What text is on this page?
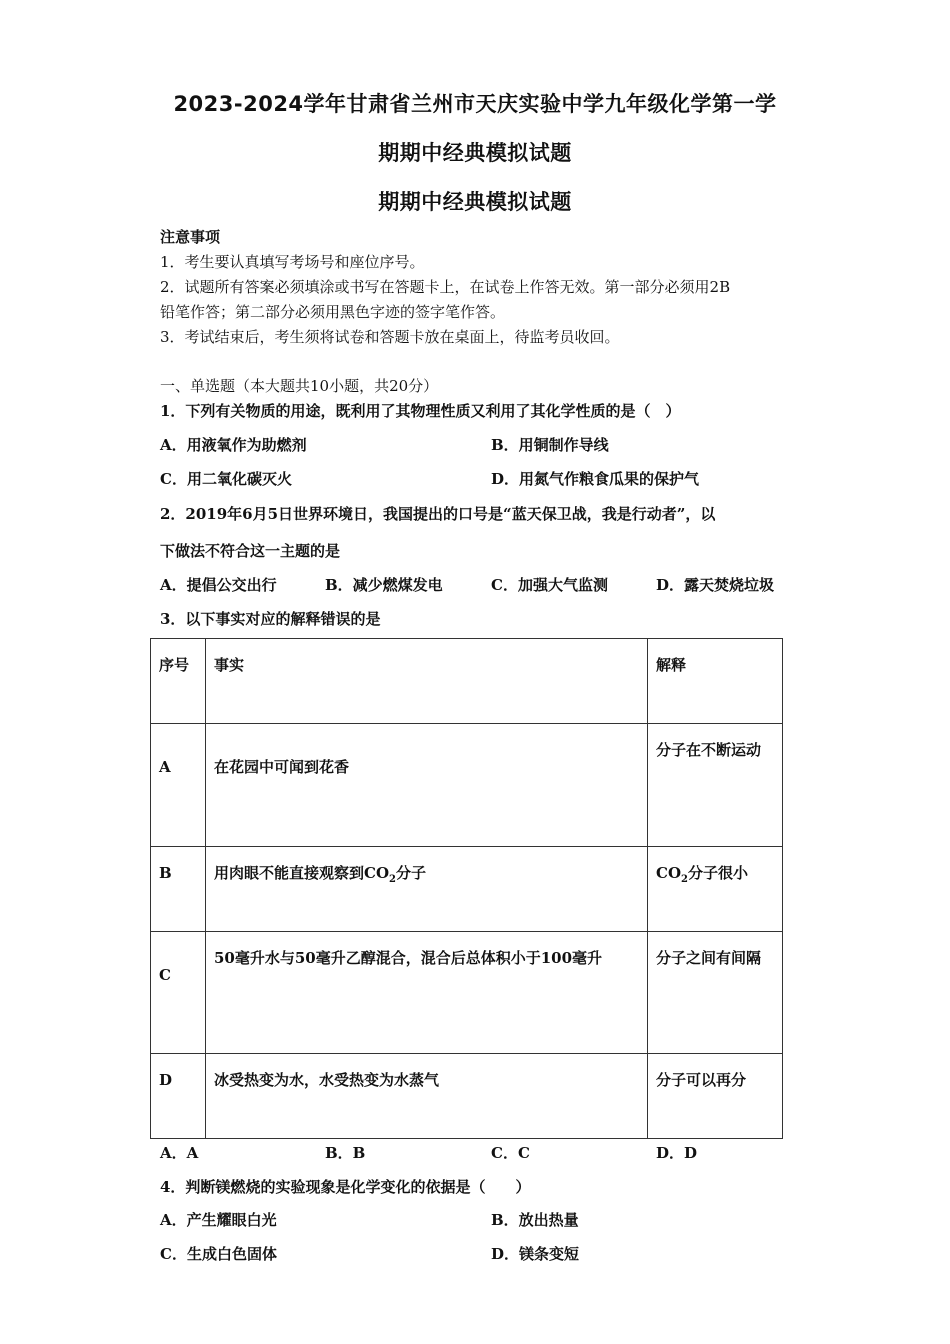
2023-2024学年甘肃省兰州市天庆实验中学九年级化学第一学
期期中经典模拟试题
期期中经典模拟试题
注意事项
1．考生要认真填写考场号和座位序号。
2．试题所有答案必须填涂或书写在答题卡上，在试卷上作答无效。第一部分必须用2B
铅笔作答；第二部分必须用黑色字迹的签字笔作答。
3．考试结束后，考生须将试卷和答题卡放在桌面上，待监考员收回。
一、单选题（本大题共10小题，共20分）
1．下列有关物质的用途，既利用了其物理性质又利用了其化学性质的是（　）
A．用液氧作为助燃剂	B．用铜制作导线
C．用二氧化碳灭火	D．用氮气作粮食瓜果的保护气
2．2019年6月5日世界环境日，我国提出的口号是“蓝天保卫战，我是行动者”，以
下做法不符合这一主题的是
A．提倡公交出行	B．减少燃煤发电	C．加强大气监测	D．露天焚烧垃圾
3．以下事实对应的解释错误的是
序号	事实	解释
A	在花园中可闻到花香	分子在不断运动
B	用肉眼不能直接观察到$CO_2$分子	$CO_2$分子很小
C	50毫升水与50毫升乙醇混合，混合后总体积小于100毫升	分子之间有间隔
D	冰受热变为水，水受热变为水蒸气	分子可以再分
A．A	B．B	C．C	D．D
4．判断镁燃烧的实验现象是化学变化的依据是（　　）
A．产生耀眼白光	B．放出热量
C．生成白色固体	D．镁条变短
